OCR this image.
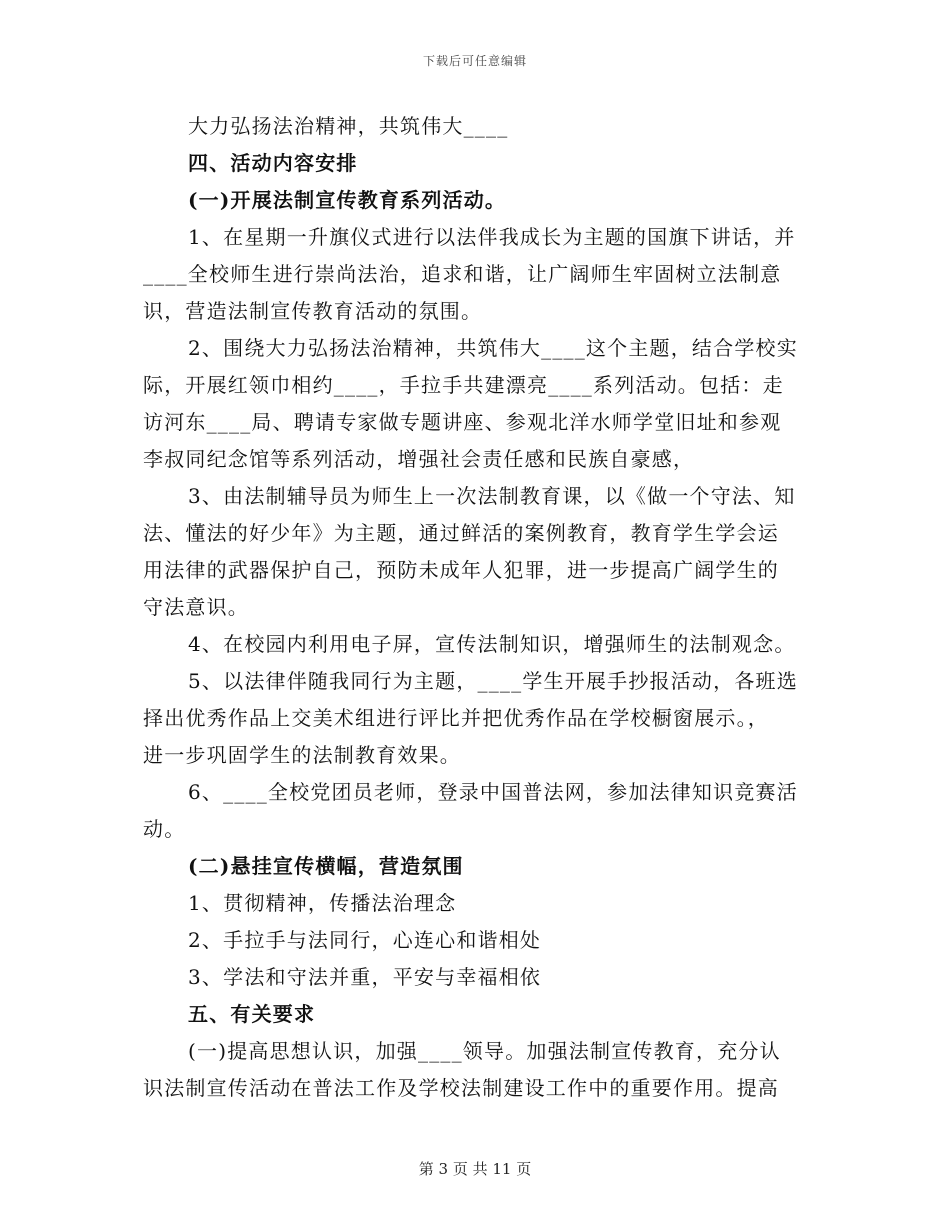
下载后可任意编辑
大力弘扬法治精神，共筑伟大____
四、活动内容安排
(一)开展法制宣传教育系列活动。
1、在星期一升旗仪式进行以法伴我成长为主题的国旗下讲话，并
____全校师生进行崇尚法治，追求和谐，让广阔师生牢固树立法制意
识，营造法制宣传教育活动的氛围。
2、围绕大力弘扬法治精神，共筑伟大____这个主题，结合学校实
际，开展红领巾相约____，手拉手共建漂亮____系列活动。包括：走
访河东____局、聘请专家做专题讲座、参观北洋水师学堂旧址和参观
李叔同纪念馆等系列活动，增强社会责任感和民族自豪感，
3、由法制辅导员为师生上一次法制教育课，以《做一个守法、知
法、懂法的好少年》为主题，通过鲜活的案例教育，教育学生学会运
用法律的武器保护自己，预防未成年人犯罪，进一步提高广阔学生的
守法意识。
4、在校园内利用电子屏，宣传法制知识，增强师生的法制观念。
5、以法律伴随我同行为主题，____学生开展手抄报活动，各班选
择出优秀作品上交美术组进行评比并把优秀作品在学校橱窗展示。，
进一步巩固学生的法制教育效果。
6、____全校党团员老师，登录中国普法网，参加法律知识竞赛活
动。
(二)悬挂宣传横幅，营造氛围
1、贯彻精神，传播法治理念
2、手拉手与法同行，心连心和谐相处
3、学法和守法并重，平安与幸福相依
五、有关要求
(一)提高思想认识，加强____领导。加强法制宣传教育，充分认
识法制宣传活动在普法工作及学校法制建设工作中的重要作用。提高
第 3 页 共 11 页
